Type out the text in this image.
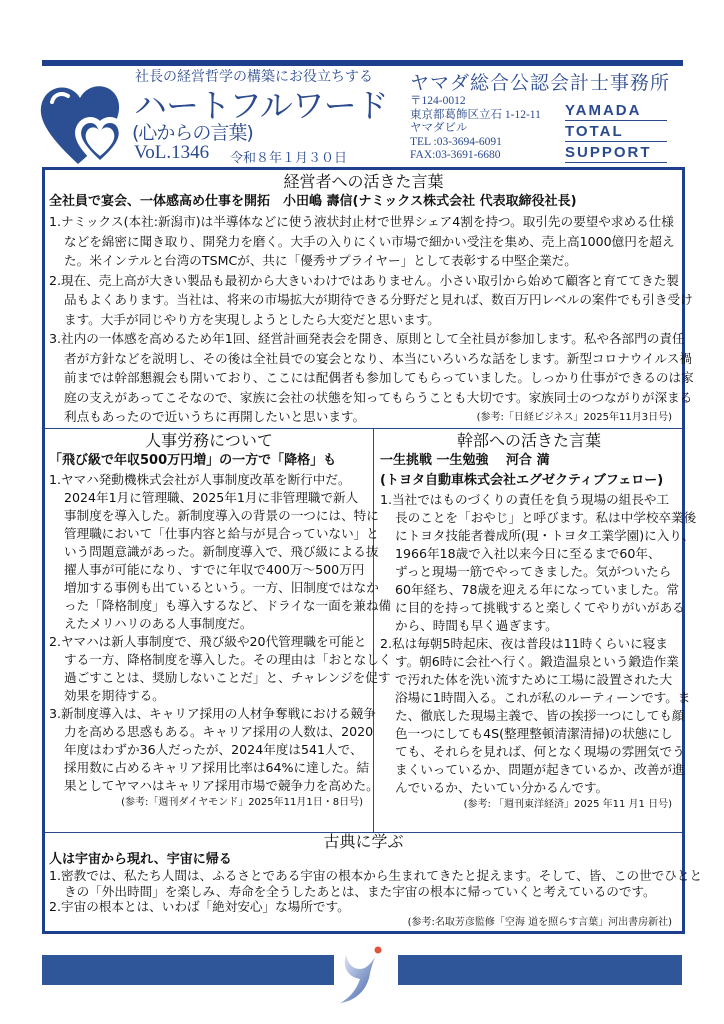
社長の経営哲学の構築にお役立ちする
ハートフルワード
(心からの言葉)
VoL.1346 令和８年１月３０日
ヤマダ総合公認会計士事務所
〒124-0012
東京都葛飾区立石 1-12-11
ヤマダビル
TEL :03-3694-6091
FAX:03-3691-6680
YAMADA
TOTAL
SUPPORT
経営者への活きた言葉
全社員で宴会、一体感高め仕事を開拓　小田嶋 壽信(ナミックス株式会社 代表取締役社長)
1.ナミックス(本社:新潟市)は半導体などに使う液状封止材で世界シェア4割を持つ。取引先の要望や求める仕様
などを綿密に聞き取り、開発力を磨く。大手の入りにくい市場で細かい受注を集め、売上高1000億円を超え
た。米インテルと台湾のTSMCが、共に「優秀サプライヤー」として表彰する中堅企業だ。
2.現在、売上高が大きい製品も最初から大きいわけではありません。小さい取引から始めて顧客と育ててきた製
品もよくあります。当社は、将来の市場拡大が期待できる分野だと見れば、数百万円レベルの案件でも引き受け
ます。大手が同じやり方を実現しようとしたら大変だと思います。
3.社内の一体感を高めるため年1回、経営計画発表会を開き、原則として全社員が参加します。私や各部門の責任
者が方針などを説明し、その後は全社員での宴会となり、本当にいろいろな話をします。新型コロナウイルス禍
前までは幹部懇親会も開いており、ここには配偶者も参加してもらっていました。しっかり仕事ができるのは家
庭の支えがあってこそなので、家族に会社の状態を知ってもらうことも大切です。家族同士のつながりが深まる
利点もあったので近いうちに再開したいと思います。	(参考:「日経ビジネス」2025年11月3日号)
人事労務について
「飛び級で年収500万円増」の一方で「降格」も
1.ヤマハ発動機株式会社が人事制度改革を断行中だ。
2024年1月に管理職、2025年1月に非管理職で新人
事制度を導入した。新制度導入の背景の一つには、特に
管理職において「仕事内容と給与が見合っていない」と
いう問題意識があった。新制度導入で、飛び級による抜
擢人事が可能になり、すでに年収で400万～500万円
増加する事例も出ているという。一方、旧制度ではなか
った「降格制度」も導入するなど、ドライな一面を兼ね備
えたメリハリのある人事制度だ。
2.ヤマハは新人事制度で、飛び級や20代管理職を可能と
する一方、降格制度を導入した。その理由は「おとなしく
過ごすことは、奨励しないことだ」と、チャレンジを促す
効果を期待する。
3.新制度導入は、キャリア採用の人材争奪戦における競争
力を高める思惑もある。キャリア採用の人数は、2020
年度はわずか36人だったが、2024年度は541人で、
採用数に占めるキャリア採用比率は64%に達した。結
果としてヤマハはキャリア採用市場で競争力を高めた。
(参考:「週刊ダイヤモンド」2025年11月1日・8日号)
幹部への活きた言葉
一生挑戦 一生勉強　 河合 満
(トヨタ自動車株式会社エグゼクティブフェロー)
1.当社ではものづくりの責任を負う現場の組長や工
長のことを「おやじ」と呼びます。私は中学校卒業後
にトヨタ技能者養成所(現・トヨタ工業学園)に入り、
1966年18歳で入社以来今日に至るまで60年、
ずっと現場一筋でやってきました。気がついたら
60年経ち、78歳を迎える年になっていました。常
に目的を持って挑戦すると楽しくてやりがいがある
から、時間も早く過ぎます。
2.私は毎朝5時起床、夜は普段は11時くらいに寝ま
す。朝6時に会社へ行く。鍛造温泉という鍛造作業
で汚れた体を洗い流すために工場に設置された大
浴場に1時間入る。これが私のルーティーンです。ま
た、徹底した現場主義で、皆の挨拶一つにしても顔
色一つにしても4S(整理整頓清潔清掃)の状態にし
ても、それらを見れば、何となく現場の雰囲気でう
まくいっているか、問題が起きているか、改善が進
んでいるか、たいてい分かるんです。
(参考: 「週刊東洋経済」2025 年11 月1 日号)
古典に学ぶ
人は宇宙から現れ、宇宙に帰る
1.密教では、私たち人間は、ふるさとである宇宙の根本から生まれてきたと捉えます。そして、皆、この世でひとと
きの「外出時間」を楽しみ、寿命を全うしたあとは、また宇宙の根本に帰っていくと考えているのです。
2.宇宙の根本とは、いわば「絶対安心」な場所です。
(参考:名取芳彦監修「空海 道を照らす言葉」河出書房新社)
